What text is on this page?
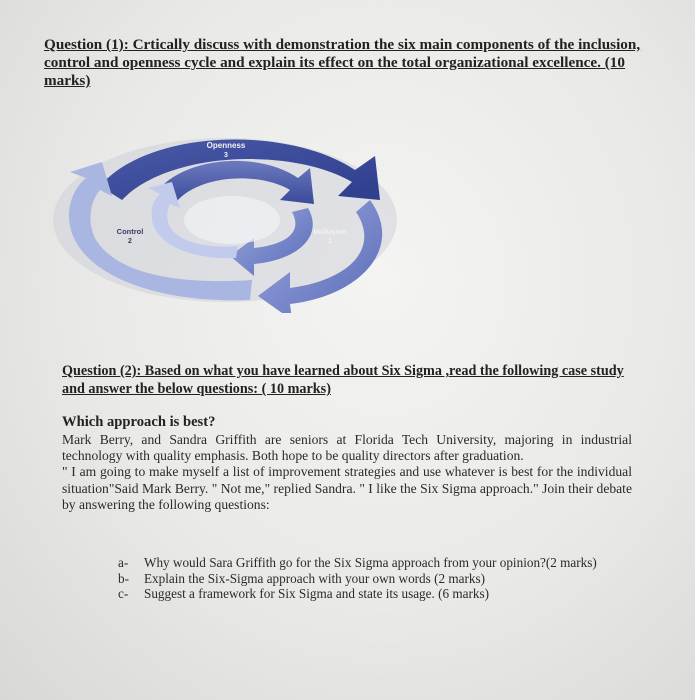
Question (1): Crtically discuss with demonstration the six main components of the inclusion, control and openness cycle and explain its effect on the total organizational excellence. (10 marks)
Openness
3
Control
2
Inclusion
1
Question (2): Based on what you have learned about Six Sigma ,read the following case study and answer the below questions: ( 10 marks)
Which approach is best?

Mark Berry, and Sandra Griffith are seniors at Florida Tech University, majoring in industrial technology with quality emphasis. Both hope to be quality directors after graduation.

" I am going to make myself a list of improvement strategies and use whatever is best for the individual situation"Said Mark Berry. " Not me," replied Sandra. " I like the Six Sigma approach." Join their debate by answering the following questions:

a-	Why would Sara Griffith go for the Six Sigma approach from your opinion?(2 marks)
b-	Explain the Six-Sigma approach with your own words (2 marks)
c-	Suggest a framework for Six Sigma and state its usage. (6 marks)
